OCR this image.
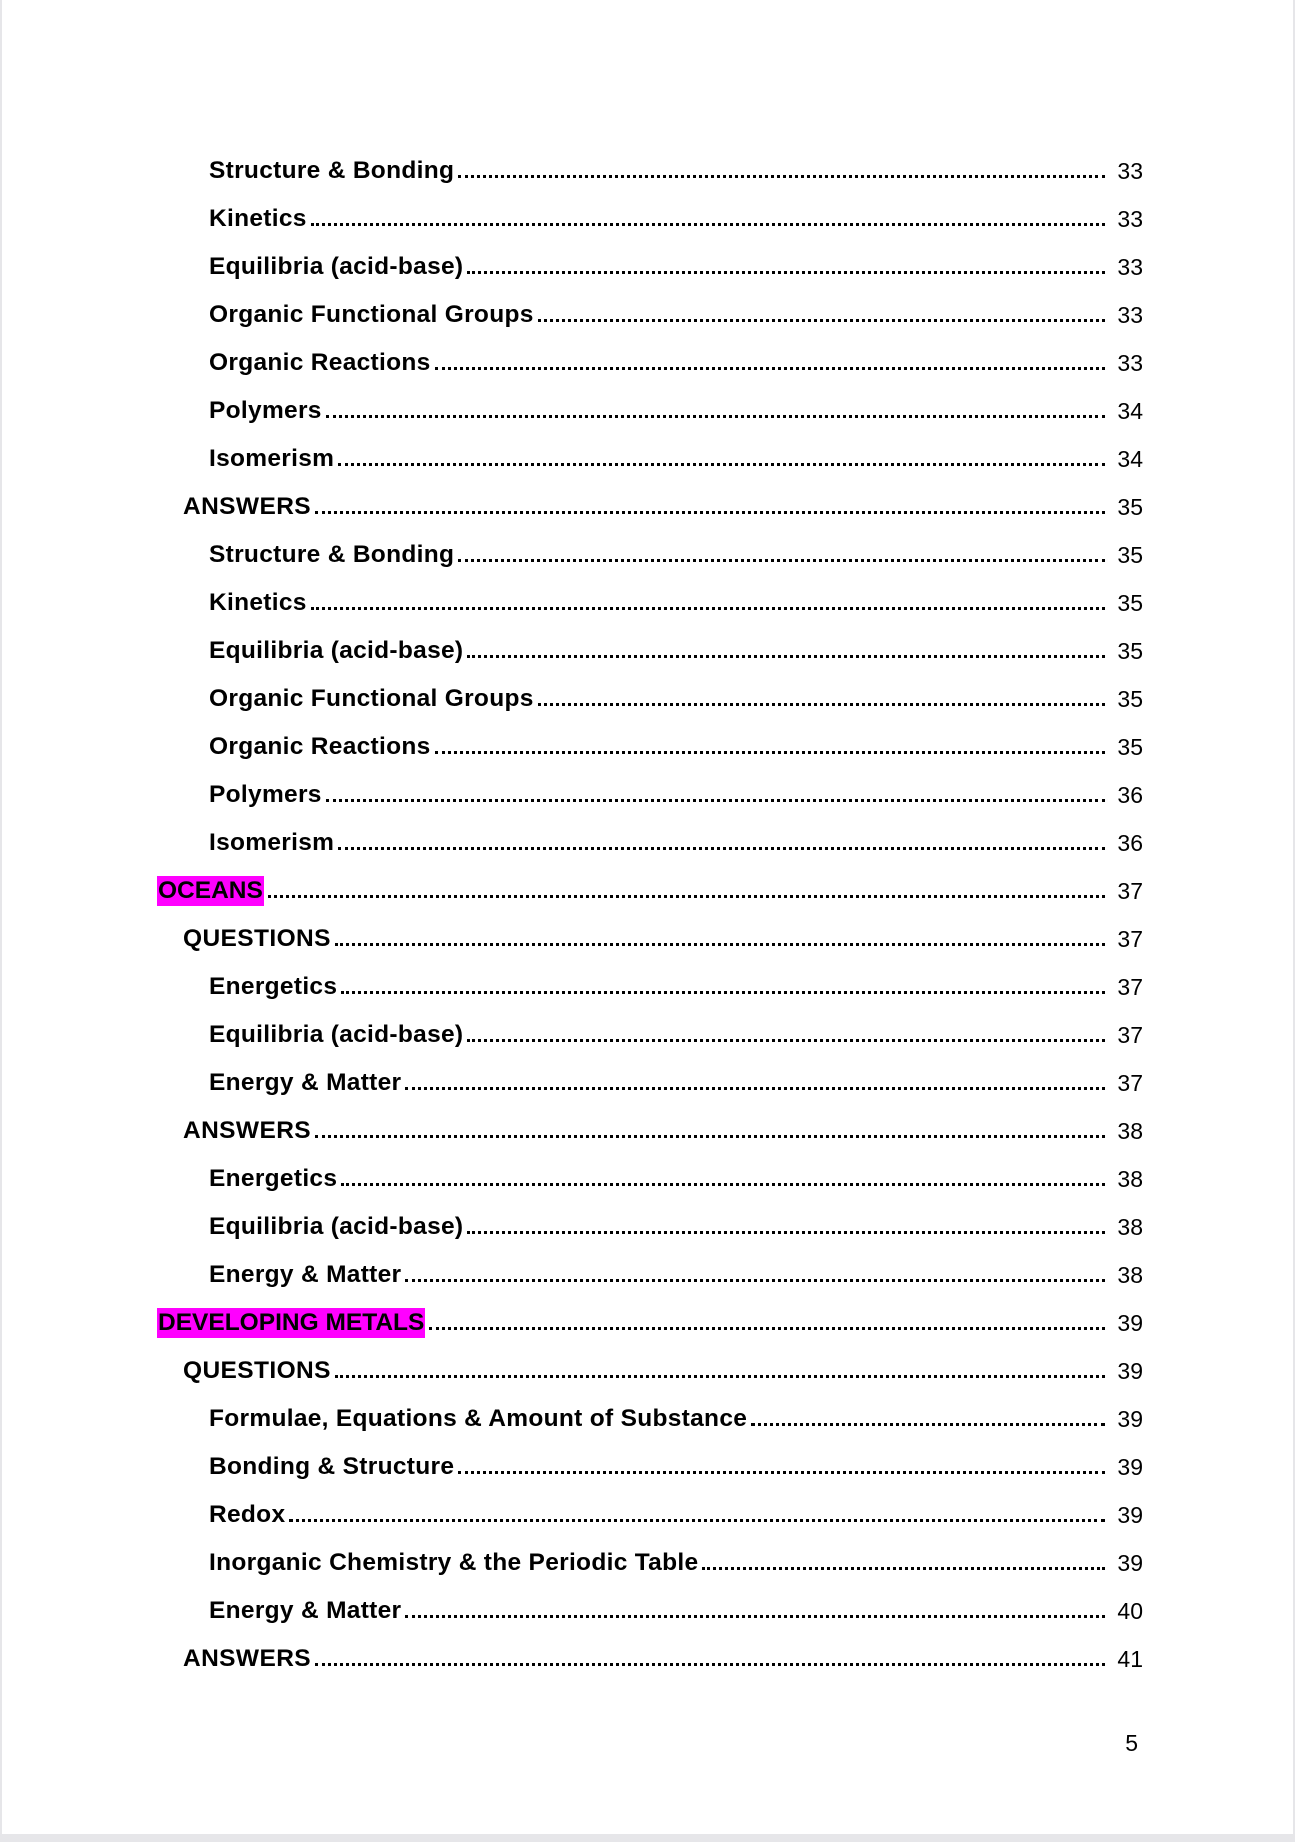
Structure & Bonding	33
Kinetics	33
Equilibria (acid-base)	33
Organic Functional Groups	33
Organic Reactions	33
Polymers	34
Isomerism	34
ANSWERS	35
Structure & Bonding	35
Kinetics	35
Equilibria (acid-base)	35
Organic Functional Groups	35
Organic Reactions	35
Polymers	36
Isomerism	36
OCEANS	37
QUESTIONS	37
Energetics	37
Equilibria (acid-base)	37
Energy & Matter	37
ANSWERS	38
Energetics	38
Equilibria (acid-base)	38
Energy & Matter	38
DEVELOPING METALS	39
QUESTIONS	39
Formulae, Equations & Amount of Substance	39
Bonding & Structure	39
Redox	39
Inorganic Chemistry & the Periodic Table	39
Energy & Matter	40
ANSWERS	41
5
